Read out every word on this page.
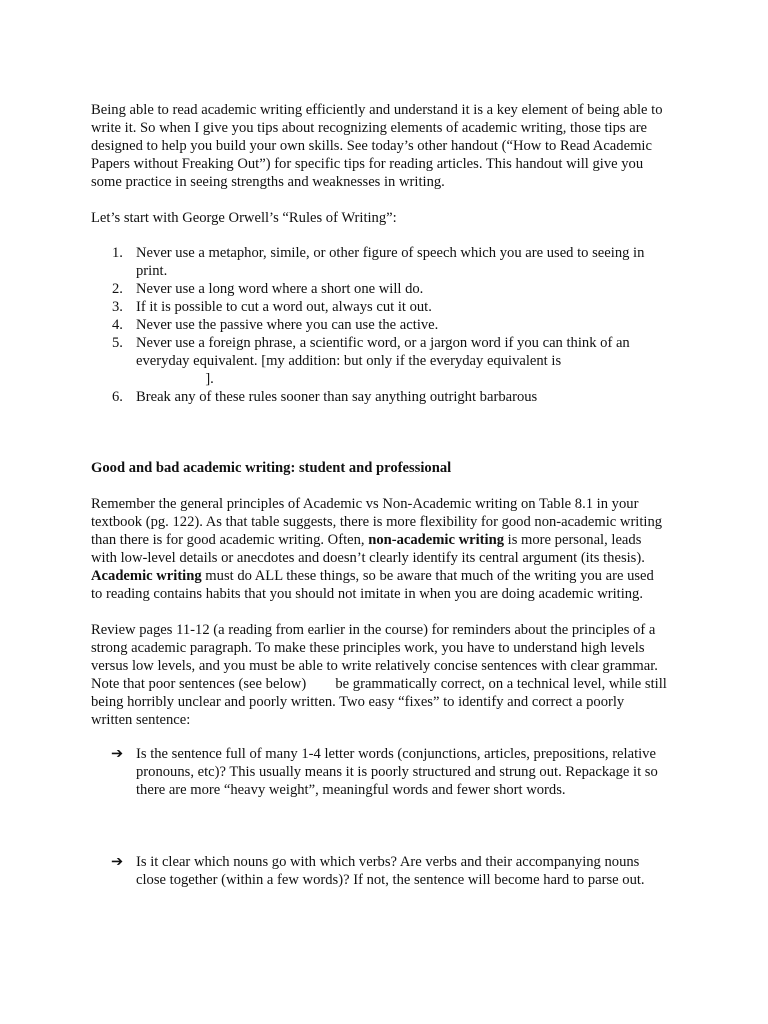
Being able to read academic writing efficiently and understand it is a key element of being able to
write it. So when I give you tips about recognizing elements of academic writing, those tips are
designed to help you build your own skills. See today’s other handout (“How to Read Academic
Papers without Freaking Out”) for specific tips for reading articles. This handout will give you
some practice in seeing strengths and weaknesses in writing.

Let’s start with George Orwell’s “Rules of Writing”:

1. Never use a metaphor, simile, or other figure of speech which you are used to seeing in
print.
2. Never use a long word where a short one will do.
3. If it is possible to cut a word out, always cut it out.
4. Never use the passive where you can use the active.
5. Never use a foreign phrase, a scientific word, or a jargon word if you can think of an
everyday equivalent. [my addition: but only if the everyday equivalent is
].
6. Break any of these rules sooner than say anything outright barbarous

Good and bad academic writing: student and professional

Remember the general principles of Academic vs Non-Academic writing on Table 8.1 in your
textbook (pg. 122). As that table suggests, there is more flexibility for good non-academic writing
than there is for good academic writing. Often, non-academic writing is more personal, leads
with low-level details or anecdotes and doesn’t clearly identify its central argument (its thesis).
Academic writing must do ALL these things, so be aware that much of the writing you are used
to reading contains habits that you should not imitate in when you are doing academic writing.

Review pages 11-12 (a reading from earlier in the course) for reminders about the principles of a
strong academic paragraph. To make these principles work, you have to understand high levels
versus low levels, and you must be able to write relatively concise sentences with clear grammar.
Note that poor sentences (see below)        be grammatically correct, on a technical level, while still
being horribly unclear and poorly written. Two easy “fixes” to identify and correct a poorly
written sentence:

➔ Is the sentence full of many 1-4 letter words (conjunctions, articles, prepositions, relative
pronouns, etc)? This usually means it is poorly structured and strung out. Repackage it so
there are more “heavy weight”, meaningful words and fewer short words.
➔ Is it clear which nouns go with which verbs? Are verbs and their accompanying nouns
close together (within a few words)? If not, the sentence will become hard to parse out.
